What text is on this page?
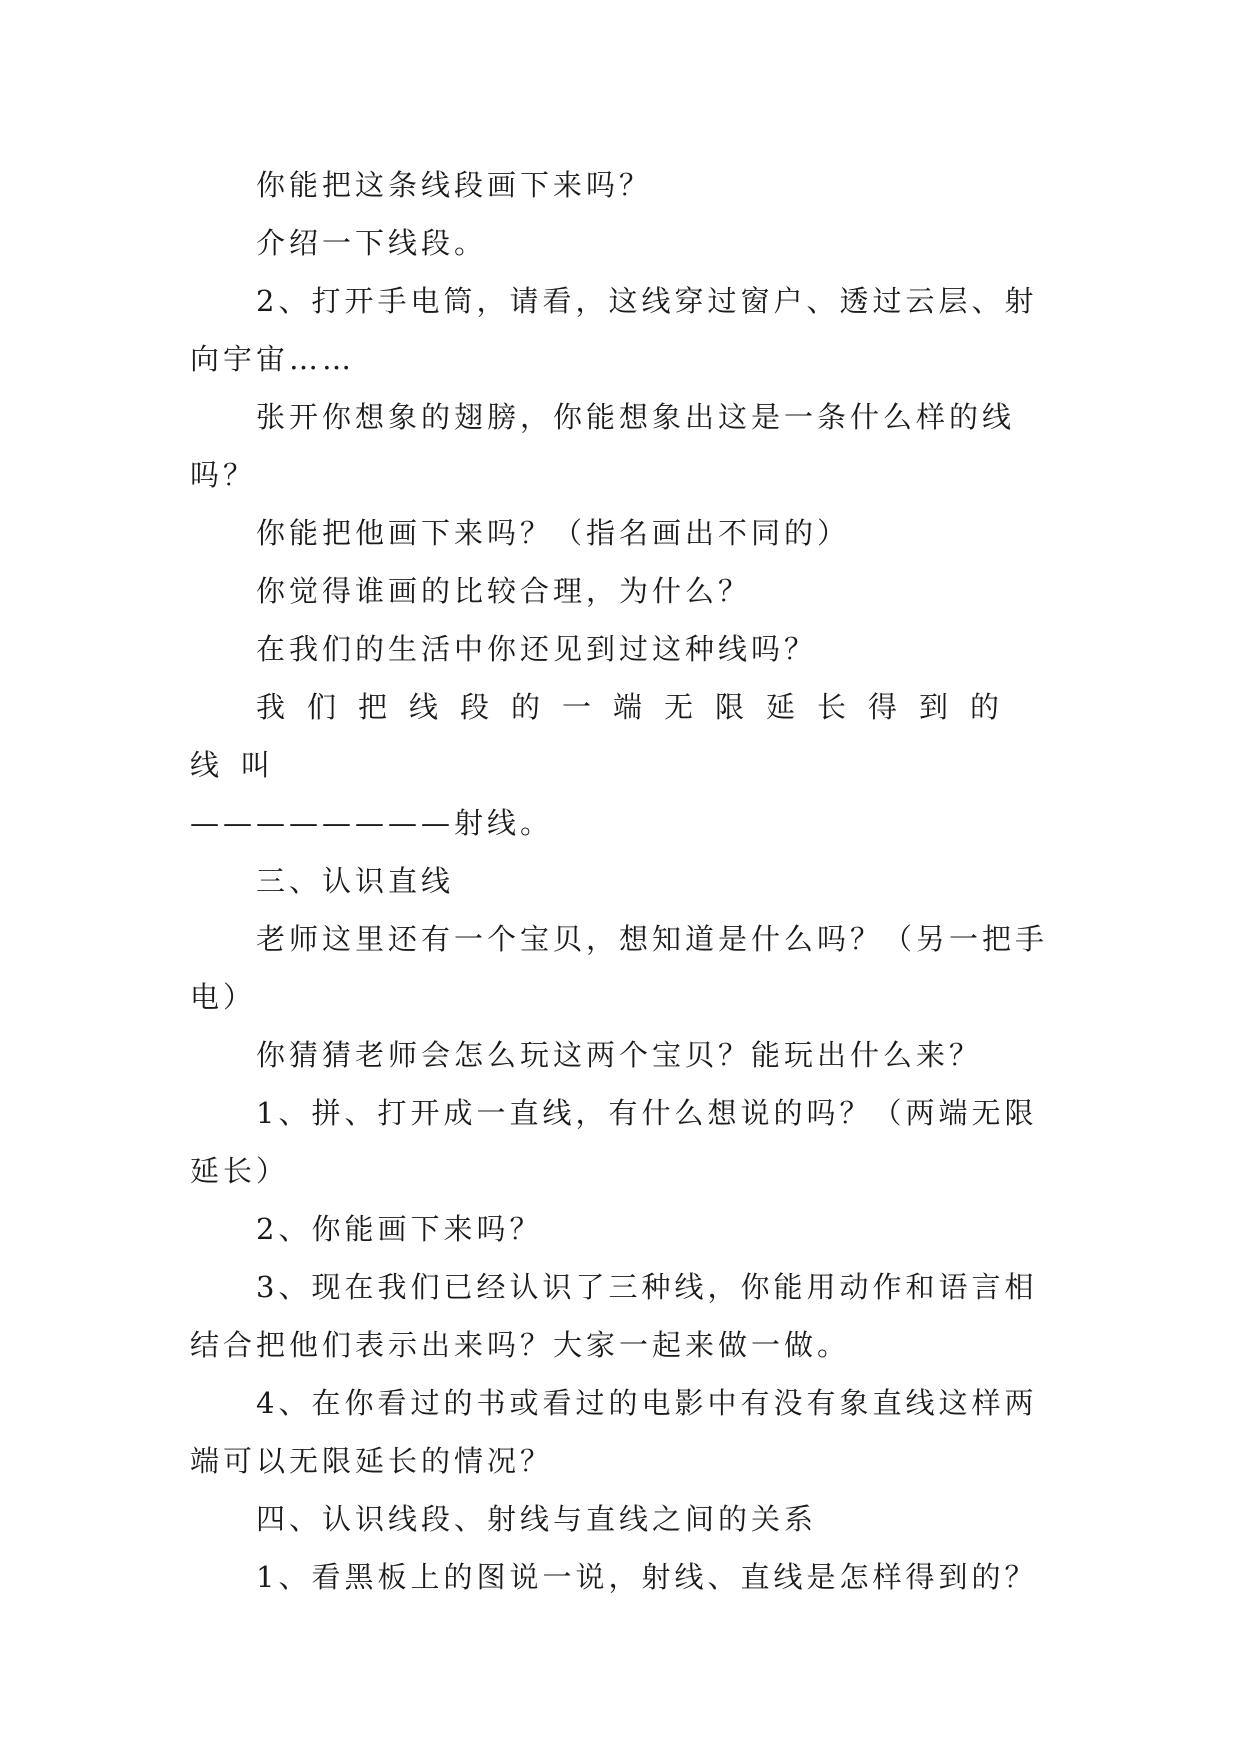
你能把这条线段画下来吗？

介绍一下线段。

2、打开手电筒，请看，这线穿过窗户、透过云层、射向宇宙……

张开你想象的翅膀，你能想象出这是一条什么样的线吗？

你能把他画下来吗？（指名画出不同的）

你觉得谁画的比较合理，为什么？

在我们的生活中你还见到过这种线吗？

我们把线段的一端无限延长得到的线叫

————————射线。

三、认识直线

老师这里还有一个宝贝，想知道是什么吗？（另一把手电）

你猜猜老师会怎么玩这两个宝贝？能玩出什么来？

1、拼、打开成一直线，有什么想说的吗？（两端无限延长）

2、你能画下来吗？

3、现在我们已经认识了三种线，你能用动作和语言相结合把他们表示出来吗？大家一起来做一做。

4、在你看过的书或看过的电影中有没有象直线这样两端可以无限延长的情况？

四、认识线段、射线与直线之间的关系

1、看黑板上的图说一说，射线、直线是怎样得到的？
